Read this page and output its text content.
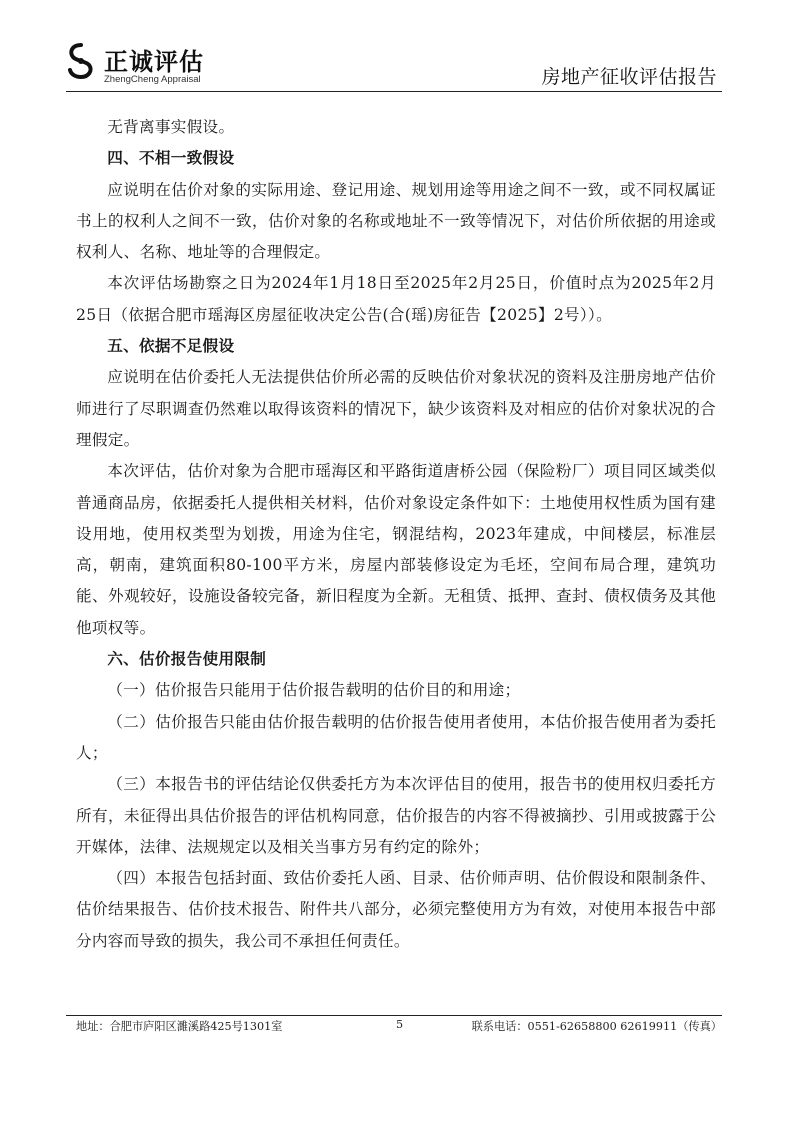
正诚评估
ZhengCheng Appraisal	房地产征收评估报告

无背离事实假设。

四、不相一致假设

应说明在估价对象的实际用途、登记用途、规划用途等用途之间不一致，或不同权属证书上的权利人之间不一致，估价对象的名称或地址不一致等情况下，对估价所依据的用途或权利人、名称、地址等的合理假定。

本次评估场勘察之日为2024年1月18日至2025年2月25日，价值时点为2025年2月25日（依据合肥市瑶海区房屋征收决定公告(合(瑶)房征告【2025】2号））。

五、依据不足假设

应说明在估价委托人无法提供估价所必需的反映估价对象状况的资料及注册房地产估价师进行了尽职调查仍然难以取得该资料的情况下，缺少该资料及对相应的估价对象状况的合理假定。

本次评估，估价对象为合肥市瑶海区和平路街道唐桥公园（保险粉厂）项目同区域类似普通商品房，依据委托人提供相关材料，估价对象设定条件如下：土地使用权性质为国有建设用地，使用权类型为划拨，用途为住宅，钢混结构，2023年建成，中间楼层，标准层高，朝南，建筑面积80-100平方米，房屋内部装修设定为毛坯，空间布局合理，建筑功能、外观较好，设施设备较完备，新旧程度为全新。无租赁、抵押、查封、债权债务及其他他项权等。

六、估价报告使用限制

（一）估价报告只能用于估价报告载明的估价目的和用途；

（二）估价报告只能由估价报告载明的估价报告使用者使用，本估价报告使用者为委托人；

（三）本报告书的评估结论仅供委托方为本次评估目的使用，报告书的使用权归委托方所有，未征得出具估价报告的评估机构同意，估价报告的内容不得被摘抄、引用或披露于公开媒体，法律、法规规定以及相关当事方另有约定的除外；

（四）本报告包括封面、致估价委托人函、目录、估价师声明、估价假设和限制条件、估价结果报告、估价技术报告、附件共八部分，必须完整使用方为有效，对使用本报告中部分内容而导致的损失，我公司不承担任何责任。

地址：合肥市庐阳区濉溪路425号1301室	5	联系电话：0551-62658800 62619911（传真）
